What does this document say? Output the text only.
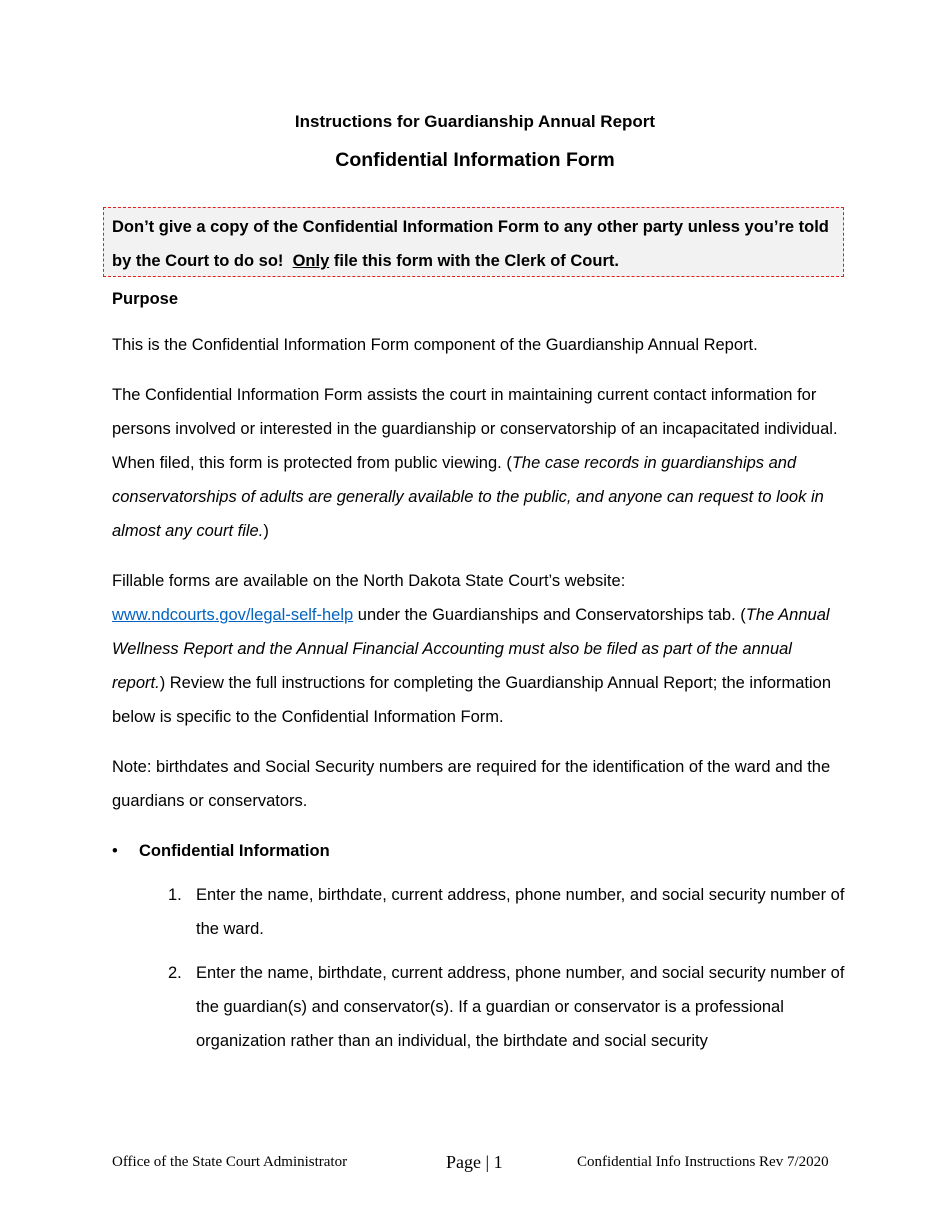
Instructions for Guardianship Annual Report
Confidential Information Form
Don’t give a copy of the Confidential Information Form to any other party unless you’re told by the Court to do so! Only file this form with the Clerk of Court.
Purpose
This is the Confidential Information Form component of the Guardianship Annual Report.
The Confidential Information Form assists the court in maintaining current contact information for persons involved or interested in the guardianship or conservatorship of an incapacitated individual. When filed, this form is protected from public viewing. (The case records in guardianships and conservatorships of adults are generally available to the public, and anyone can request to look in almost any court file.)
Fillable forms are available on the North Dakota State Court’s website:
www.ndcourts.gov/legal-self-help under the Guardianships and Conservatorships tab. (The Annual Wellness Report and the Annual Financial Accounting must also be filed as part of the annual report.) Review the full instructions for completing the Guardianship Annual Report; the information below is specific to the Confidential Information Form.
Note: birthdates and Social Security numbers are required for the identification of the ward and the guardians or conservators.
• Confidential Information
1. Enter the name, birthdate, current address, phone number, and social security number of the ward.
2. Enter the name, birthdate, current address, phone number, and social security number of the guardian(s) and conservator(s). If a guardian or conservator is a professional organization rather than an individual, the birthdate and social security
Office of the State Court Administrator	Page | 1	Confidential Info Instructions Rev 7/2020
